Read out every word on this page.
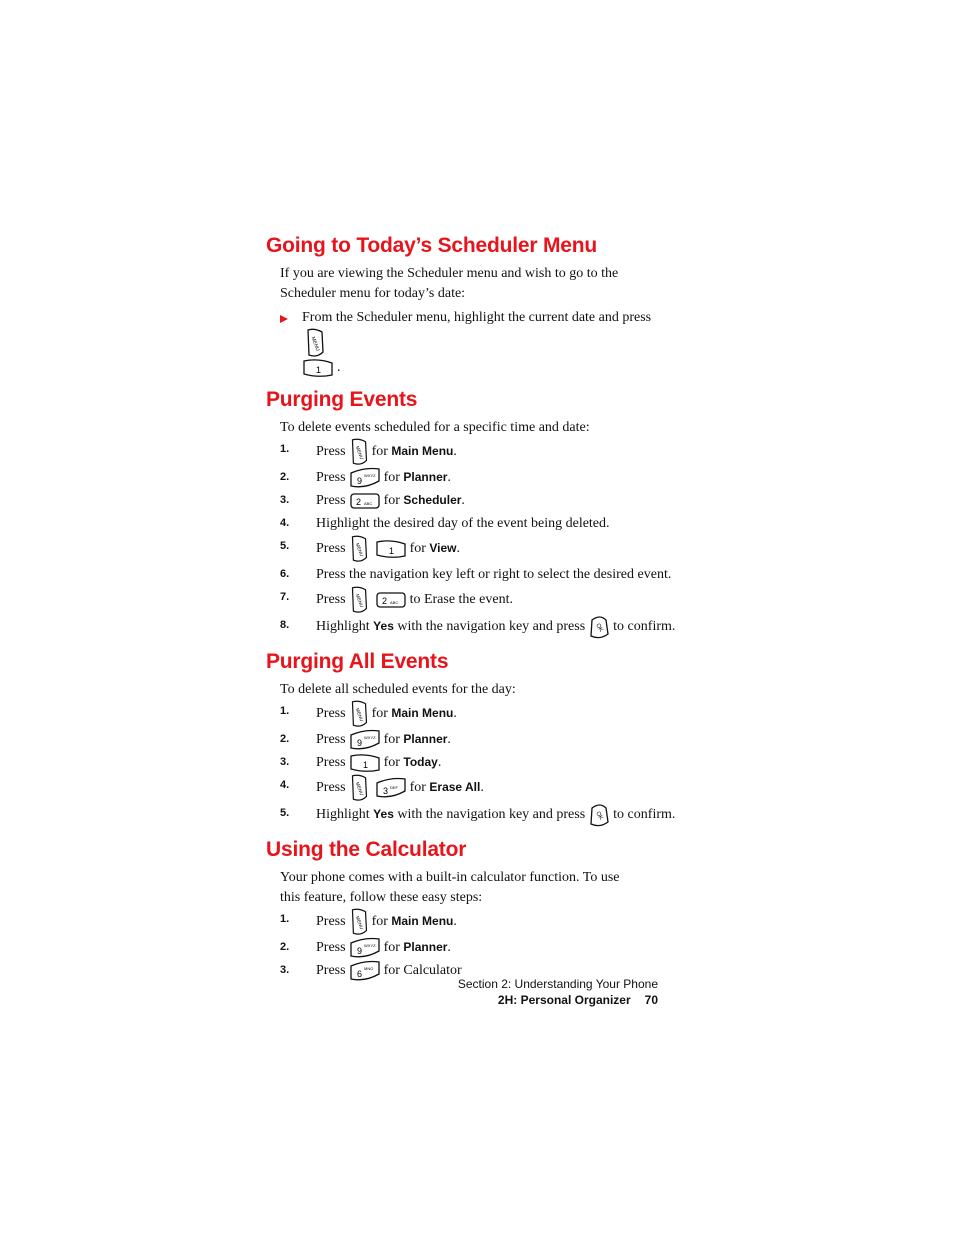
Going to Today’s Scheduler Menu

If you are viewing the Scheduler menu and wish to go to the Scheduler menu for today’s date:

From the Scheduler menu, highlight the current date and press
MENU

1 .
Purging Events

To delete events scheduled for a specific time and date:

1. Press MENU for Main Menu.
2. Press 9
WXYZ for Planner.
3. Press 2 ABC for Scheduler.
4. Highlight the desired day of the event being deleted.
5. Press MENU	1 for View.
6. Press the navigation key left or right to select the desired event.
7. Press MENU 2 ABC to Erase the event.
8. Highlight Yes with the navigation key and press OK to confirm.
Purging All Events

To delete all scheduled events for the day:

1. Press MENU for Main Menu.
2. Press 9
WXYZ for Planner.
3. Press 1 for Today.
4. Press MENU 3 DEF for Erase All.
5. Highlight Yes with the navigation key and press OK to confirm.
Using the Calculator

Your phone comes with a built-in calculator function. To use this feature, follow these easy steps:

1. Press MENU for Main Menu.
2. Press 9
WXYZ for Planner.
3. Press 6
MNO for Calculator
Section 2: Understanding Your Phone
2H: Personal Organizer 70
